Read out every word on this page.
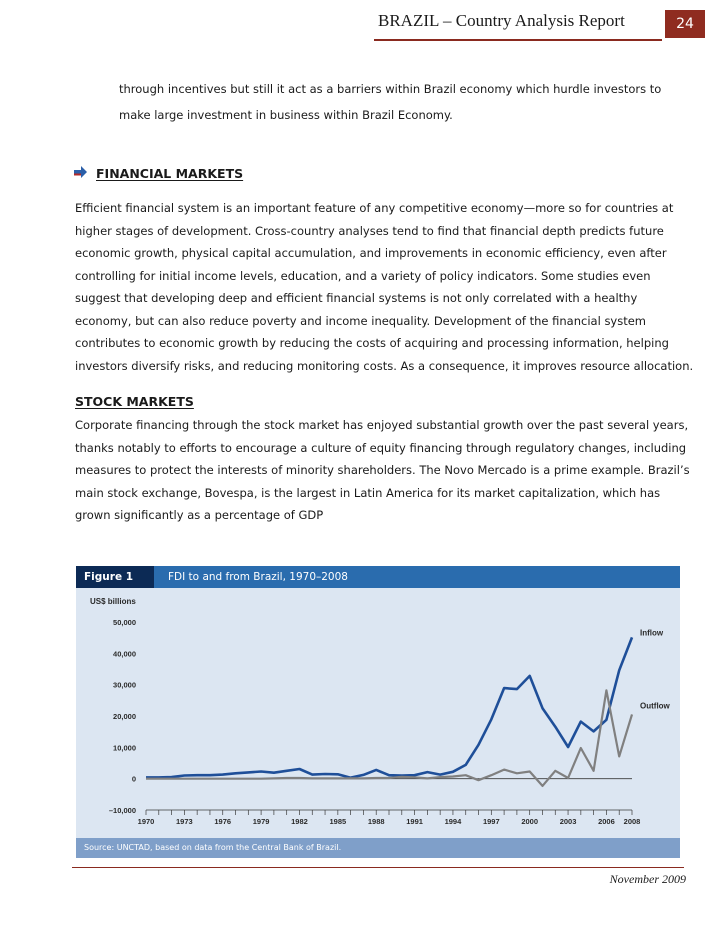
BRAZIL – Country Analysis Report	24

through incentives but still it act as a barriers within Brazil economy which hurdle investors to make large investment in business within Brazil Economy.

FINANCIAL MARKETS

Efficient financial system is an important feature of any competitive economy—more so for countries at higher stages of development. Cross-country analyses tend to find that financial depth predicts future economic growth, physical capital accumulation, and improvements in economic efficiency, even after controlling for initial income levels, education, and a variety of policy indicators. Some studies even suggest that developing deep and efficient financial systems is not only correlated with a healthy economy, but can also reduce poverty and income inequality. Development of the financial system contributes to economic growth by reducing the costs of acquiring and processing information, helping investors diversify risks, and reducing monitoring costs. As a consequence, it improves resource allocation.

STOCK MARKETS

Corporate financing through the stock market has enjoyed substantial growth over the past several years, thanks notably to efforts to encourage a culture of equity financing through regulatory changes, including measures to protect the interests of minority shareholders. The Novo Mercado is a prime example. Brazil’s main stock exchange, Bovespa, is the largest in Latin America for its market capitalization, which has grown significantly as a percentage of GDP

Figure 1	FDI to and from Brazil, 1970–2008
US$ billions
50,000
40,000
30,000
20,000
10,000
0
–10,000
1970	1973	1976	1979	1982	1985	1988	1991	1994	1997	2000	2003	2006 2008
Inflow
Outflow
Source: UNCTAD, based on data from the Central Bank of Brazil.
November 2009
